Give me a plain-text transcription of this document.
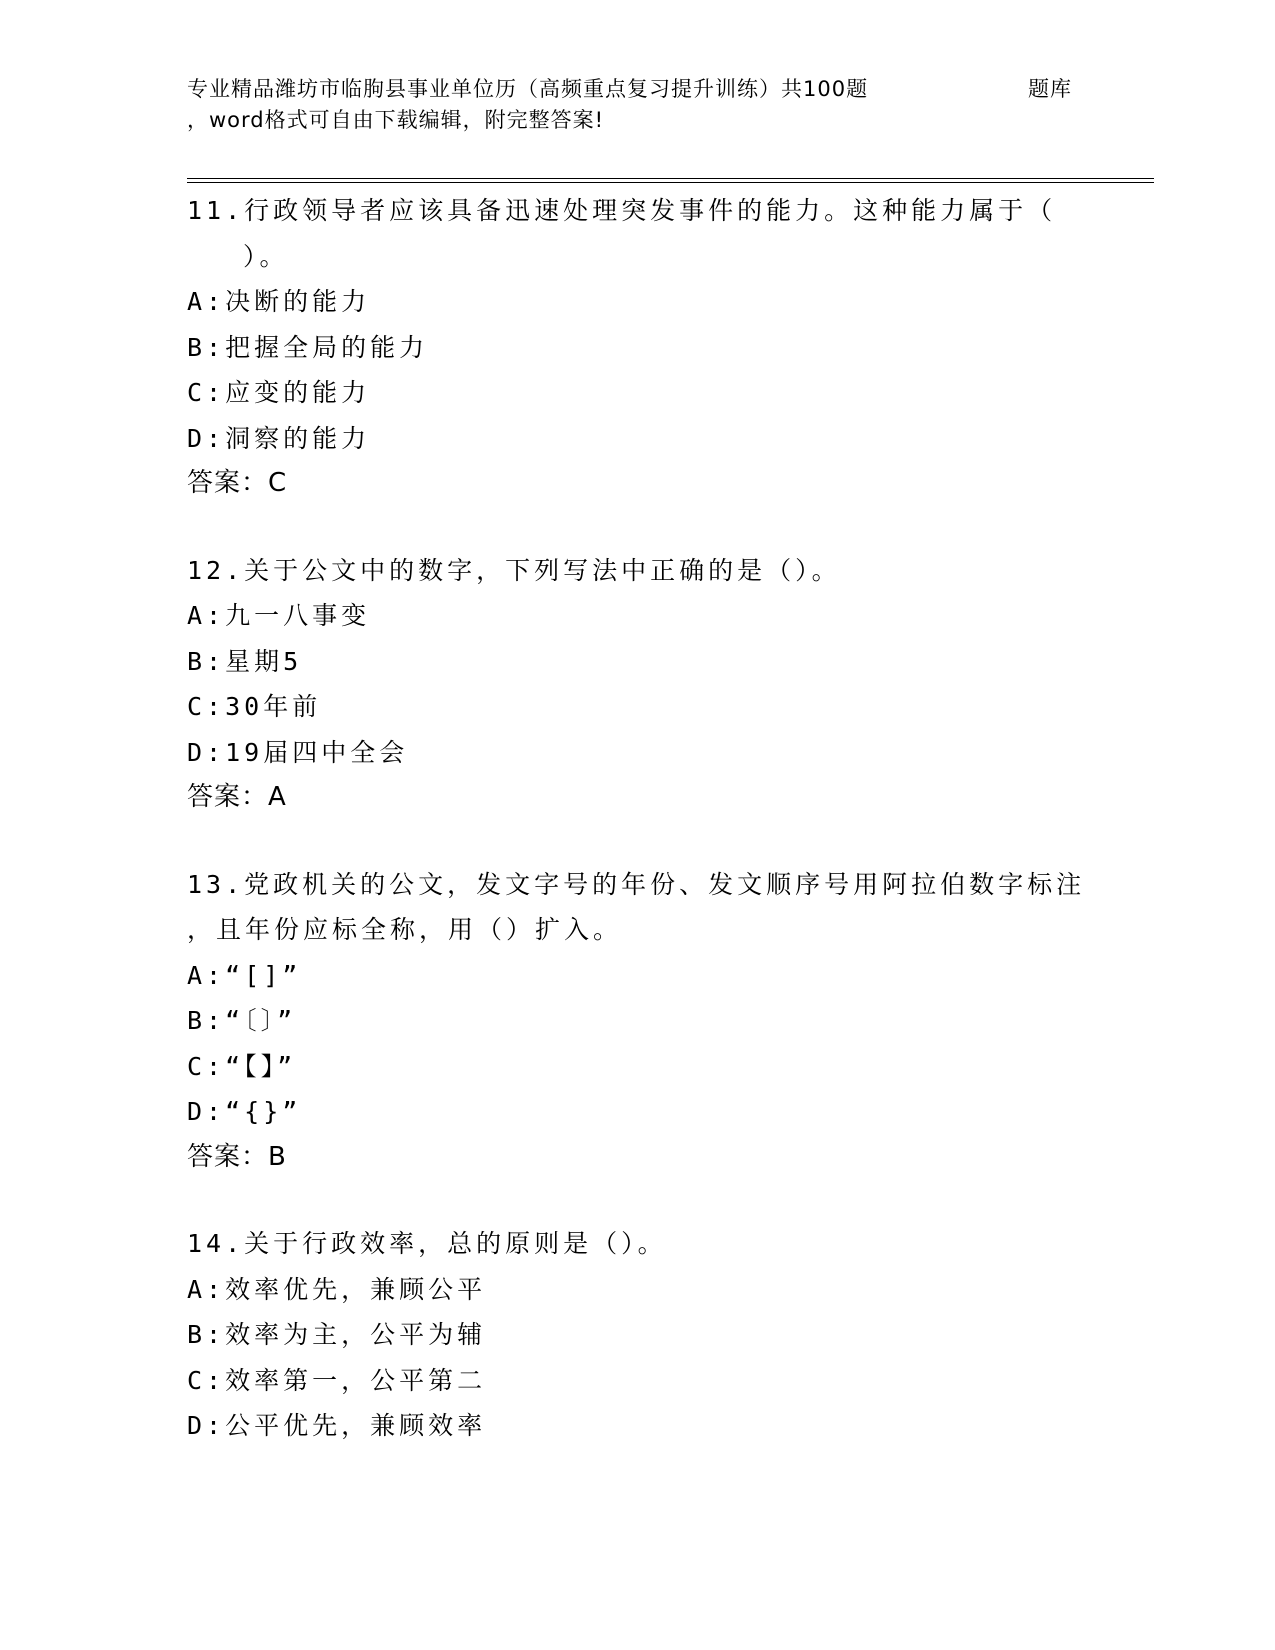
专业精品潍坊市临朐县事业单位历（高频重点复习提升训练）共100题
，word格式可自由下载编辑，附完整答案!
题库
11.行政领导者应该具备迅速处理突发事件的能力。这种能力属于（
）。
A:决断的能力
B:把握全局的能力
C:应变的能力
D:洞察的能力
答案：C
12.关于公文中的数字，下列写法中正确的是（）。
A:九一八事变
B:星期5
C:30年前
D:19届四中全会
答案：A
13.党政机关的公文，发文字号的年份、发文顺序号用阿拉伯数字标注
，且年份应标全称，用（）扩入。
A:“[]”
B:“〔〕”
C:“【】”
D:“{}”
答案：B
14.关于行政效率，总的原则是（）。
A:效率优先，兼顾公平
B:效率为主，公平为辅
C:效率第一，公平第二
D:公平优先，兼顾效率
